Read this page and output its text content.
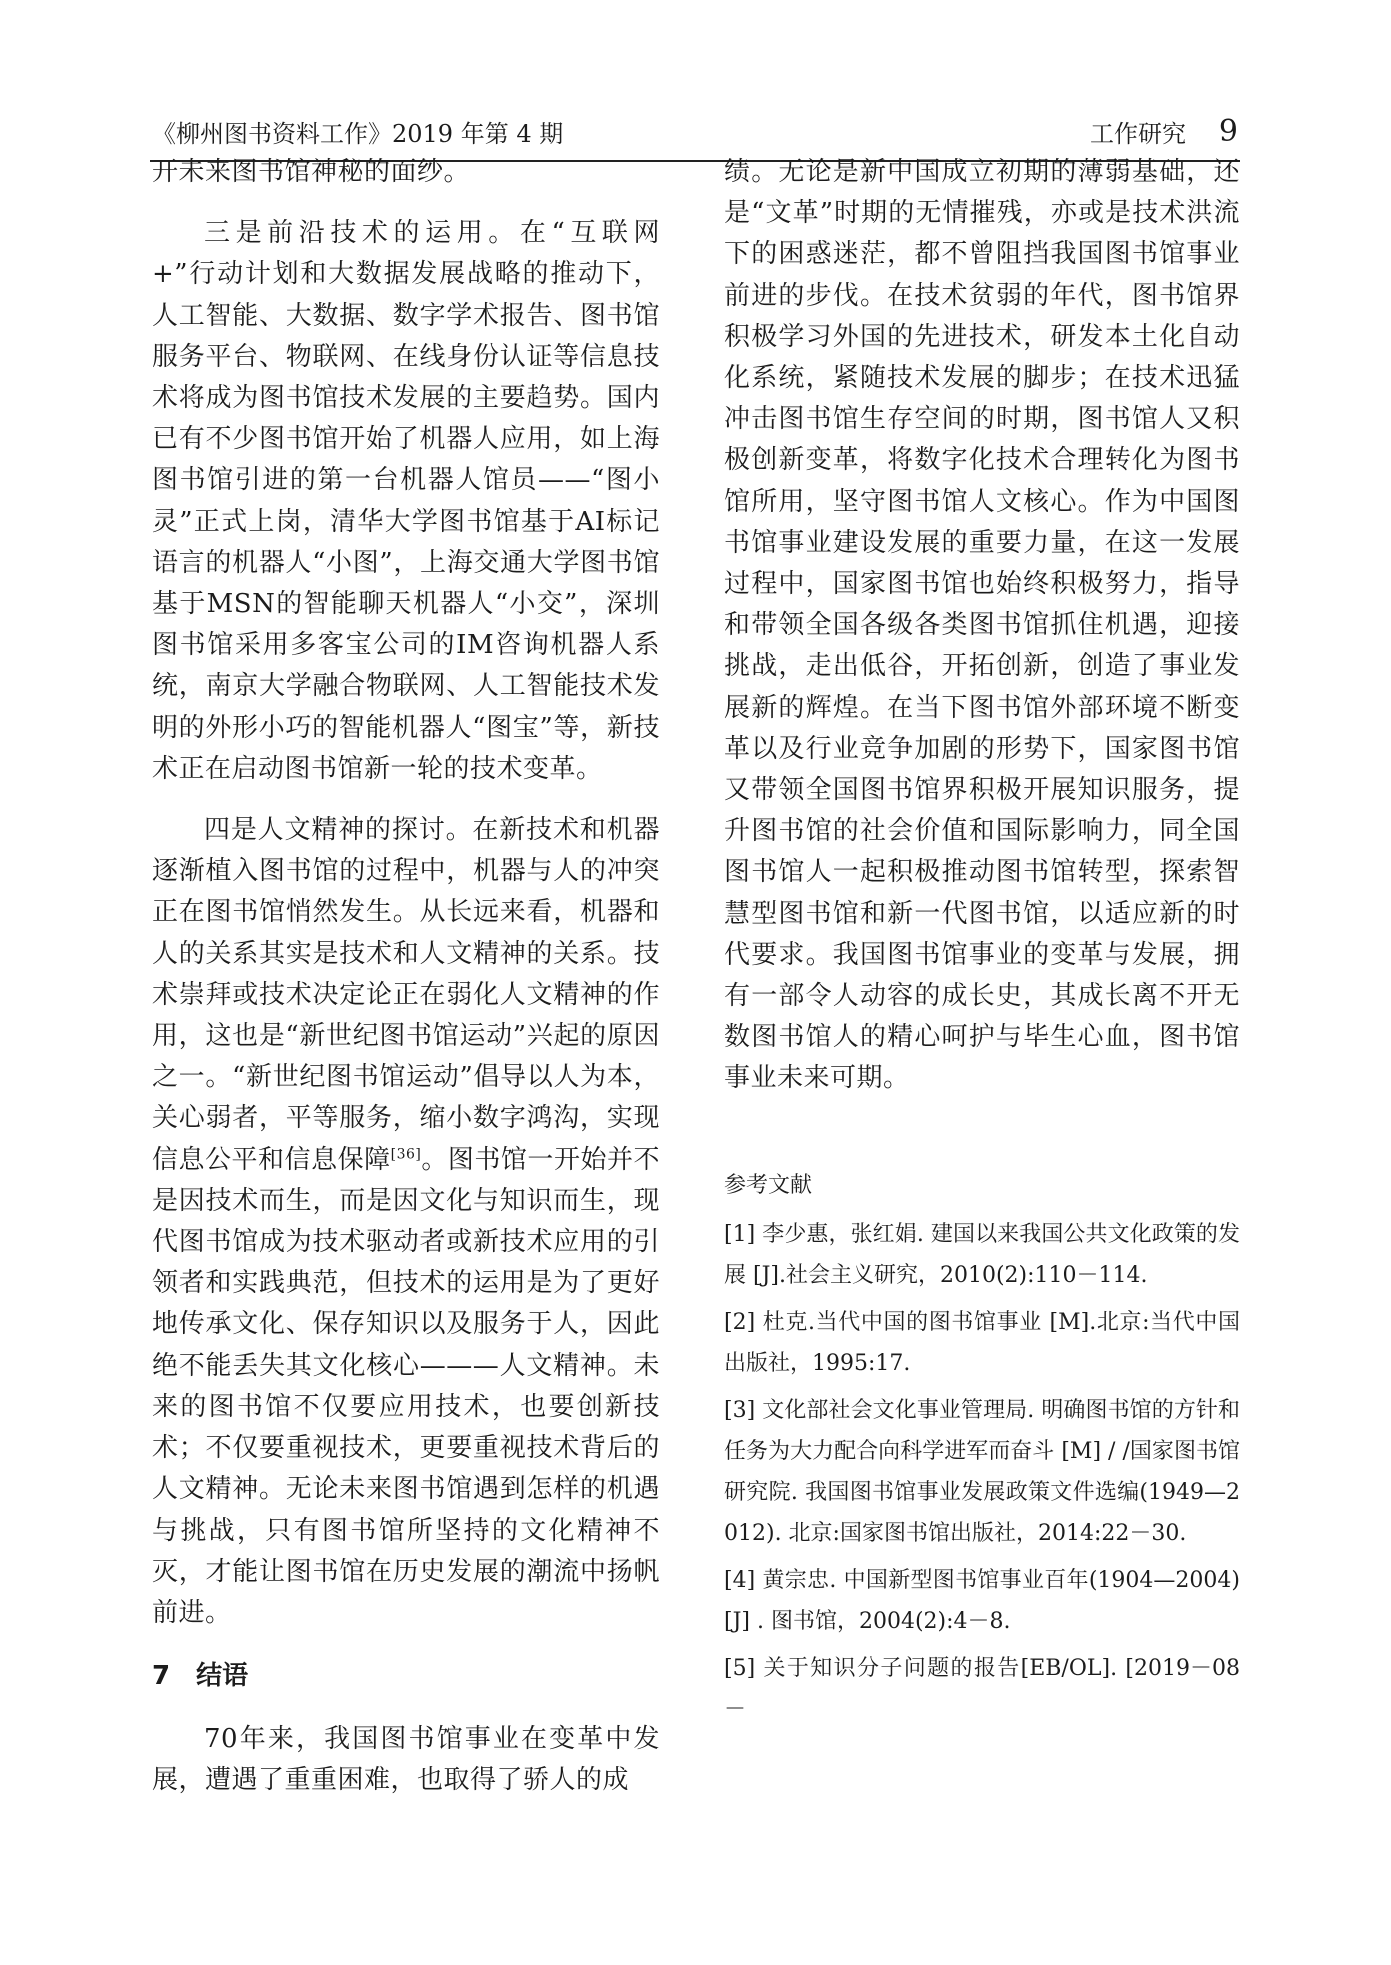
《柳州图书资料工作》2019 年第 4 期	工作研究 9

开未来图书馆神秘的面纱。

三是前沿技术的运用。在“互联网 +”行动计划和大数据发展战略的推动下，人工智能、大数据、数字学术报告、图书馆服务平台、物联网、在线身份认证等信息技术将成为图书馆技术发展的主要趋势。国内已有不少图书馆开始了机器人应用，如上海图书馆引进的第一台机器人馆员——“图小灵”正式上岗，清华大学图书馆基于AI标记语言的机器人“小图”，上海交通大学图书馆基于MSN的智能聊天机器人“小交”，深圳图书馆采用多客宝公司的IM咨询机器人系统，南京大学融合物联网、人工智能技术发明的外形小巧的智能机器人“图宝”等，新技术正在启动图书馆新一轮的技术变革。

四是人文精神的探讨。在新技术和机器逐渐植入图书馆的过程中，机器与人的冲突正在图书馆悄然发生。从长远来看，机器和人的关系其实是技术和人文精神的关系。技术崇拜或技术决定论正在弱化人文精神的作用，这也是“新世纪图书馆运动”兴起的原因之一。“新世纪图书馆运动”倡导以人为本，关心弱者，平等服务，缩小数字鸿沟，实现信息公平和信息保障[36]。图书馆一开始并不是因技术而生，而是因文化与知识而生，现代图书馆成为技术驱动者或新技术应用的引领者和实践典范，但技术的运用是为了更好地传承文化、保存知识以及服务于人，因此绝不能丢失其文化核心———人文精神。未来的图书馆不仅要应用技术，也要创新技术；不仅要重视技术，更要重视技术背后的人文精神。无论未来图书馆遇到怎样的机遇与挑战，只有图书馆所坚持的文化精神不灭，才能让图书馆在历史发展的潮流中扬帆前进。

7 结语

70年来，我国图书馆事业在变革中发展，遭遇了重重困难，也取得了骄人的成

绩。无论是新中国成立初期的薄弱基础，还是“文革”时期的无情摧残，亦或是技术洪流下的困惑迷茫，都不曾阻挡我国图书馆事业前进的步伐。在技术贫弱的年代，图书馆界积极学习外国的先进技术，研发本土化自动化系统，紧随技术发展的脚步；在技术迅猛冲击图书馆生存空间的时期，图书馆人又积极创新变革，将数字化技术合理转化为图书馆所用，坚守图书馆人文核心。作为中国图书馆事业建设发展的重要力量，在这一发展过程中，国家图书馆也始终积极努力，指导和带领全国各级各类图书馆抓住机遇，迎接挑战，走出低谷，开拓创新，创造了事业发展新的辉煌。在当下图书馆外部环境不断变革以及行业竞争加剧的形势下，国家图书馆又带领全国图书馆界积极开展知识服务，提升图书馆的社会价值和国际影响力，同全国图书馆人一起积极推动图书馆转型，探索智慧型图书馆和新一代图书馆，以适应新的时代要求。我国图书馆事业的变革与发展，拥有一部令人动容的成长史，其成长离不开无数图书馆人的精心呵护与毕生心血，图书馆事业未来可期。

参考文献

[1] 李少惠，张红娟. 建国以来我国公共文化政策的发展 [J].社会主义研究，2010(2):110－114.

[2] 杜克.当代中国的图书馆事业 [M].北京:当代中国出版社，1995:17.

[3] 文化部社会文化事业管理局. 明确图书馆的方针和任务为大力配合向科学进军而奋斗 [M] / /国家图书馆研究院. 我国图书馆事业发展政策文件选编(1949—2012). 北京:国家图书馆出版社，2014:22－30.

[4] 黄宗忠. 中国新型图书馆事业百年(1904—2004) [J] . 图书馆，2004(2):4－8.

[5] 关于知识分子问题的报告[EB/OL]. [2019－08－
